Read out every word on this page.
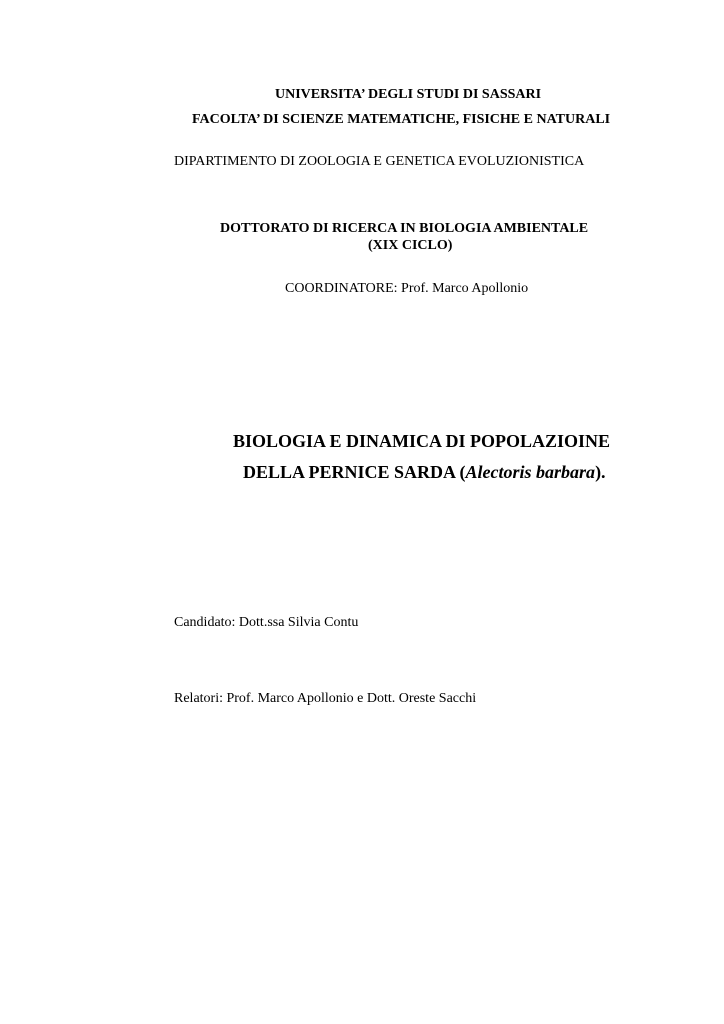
UNIVERSITA’ DEGLI STUDI DI SASSARI
FACOLTA’ DI SCIENZE MATEMATICHE, FISICHE E NATURALI
DIPARTIMENTO DI ZOOLOGIA E GENETICA EVOLUZIONISTICA
DOTTORATO DI RICERCA IN BIOLOGIA AMBIENTALE
(XIX CICLO)
COORDINATORE: Prof. Marco Apollonio
BIOLOGIA E DINAMICA DI POPOLAZIOINE
DELLA PERNICE SARDA (Alectoris barbara).
Candidato: Dott.ssa Silvia Contu
Relatori: Prof. Marco Apollonio e Dott. Oreste Sacchi
